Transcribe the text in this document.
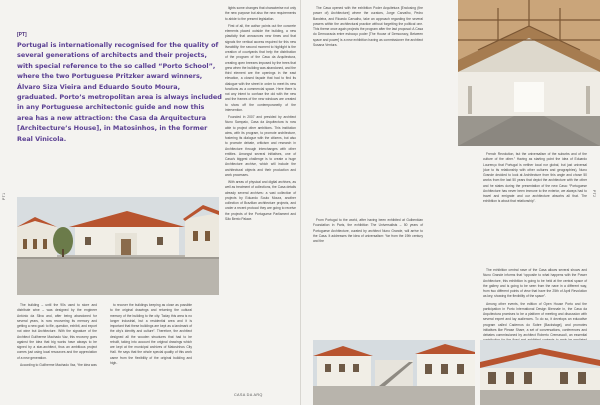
PT1	PT2
[PT]

Portugal is internationally recognised for the quality of several generations of architects and their projects, with special reference to the so called “Porto School”, where the two Portuguese Pritzker award winners, Álvaro Siza Vieira and Eduardo Souto Moura, graduated. Porto’s metropolitan area is always included in any Portuguese architectonic guide and now this area has a new attraction: the Casa da Arquitectura [Architecture’s House], in Matosinhos, in the former Real Vinicola.

The building – until the 90s used to store and distribute wine – was designed by the engineer António da Silva and, after being abandoned for several years, is now recovering its memory and getting a new goal: to file, question, exhibit, and export not wine but Architecture. With the signature of the Architect Guilherme Machado Vaz, this recovery goes against the idea that big works have always to be signed by a star-architect, thus an ambitious project comes just using local resources and the appreciation of a new generation.

According to Guilherme Machado Vaz, “the idea was

to recover the buildings keeping as close as possible to the original drawings and returning the cultural memory of the building to the city. Today this area is no longer industrial, but a residential area and it is important that these buildings are kept as a landmark of the city’s identity and culture”. Therefore, the architect designed all the wooden structures that had to be rebuilt, taking into account the original drawings which are kept at the municipal archives of Matosinhos City Hall. He says that the whole special quality of this work came from the flexibility of the original building and high-

lights some changes that characterise not only the new purpose but also the new requirements to abide to the present legislation.

First of all, the author points out the concrete elements placed outside the building, a new plasticity that announces new times and that signals the vertical access required for this new liveability: the second moment to highlight is the creation of courtyards that help the distribution of the program of the Casa da Arquitectura, creating open breezes imposed by the trees that grew when the building was abandoned, and the third element are the openings in the east elevation, a closed façade that had to find its dialogue with the street in order to meet its new functions as a commercial space. Here there is not any intent to confuse the old with the new and the frames of the new windows are created to show off the contemporaneity of the intervention.

Founded in 2007 and presided by architect Nuno Sampaio, Casa da Arquitectura is now able to project other ambitions. This institution aims, with its program, to promote architecture, fostering its dialogue with the citizens, but also to promote debate, criticism and research in Architecture through interchanges with other entities. Amongst several initiatives, one of Casa’s biggest challenge is to create a huge Architecture archive, which will include the architectural objects and their production and work processes.

With areas of physical and digital archives, as well as treatment of collections, the Casa details already several archives: a vast collection of projects by Eduardo Souto Moura, another collection of Brazilian architecture projects, and under a recent protocol they are going to receive the projects of the Portuguese Parliament and São Bento Palace.

CASA DA ARQ

The Casa opened with the exhibition Poder Arquitetura [Enclosing (the power of) Architecture] where the curators, Jorge Carvalho, Pedro Bandeira, and Ricardo Carvalho, take an approach regarding the several powers within the architectural practice without forgetting the political one. This theme once again projects the program after the last proposal: A Casa do Democracia entre esbooço poder [The House of Democracy, Between space and power] is a new exhibition having as commissioner the architect Susana Ventura.

From Portugal to the world, after having been exhibited at Gulbenkian Foundation in Paris, the exhibition The Universalists – 50 years of Portuguese Architecture, curated by architect Nuno Grande, will arrive to the Casa. It addresses the idea of universalism: “far from the 19th century and the

French Revolution, but the universalism of the suburbs and of the culture of the other.” Having as starting point the idea of Eduardo Lourenço that Portugal is neither local nor global, but just universal (due to its relationship with other cultures and geographies), Nuno Grande decided to look at Architecture from this angle and chose 50 works from the last 50 years that depict the architecture with the other and he states during the presentation of the new Casa: “Portuguese Architecture has never been immune to the exterior, we always had to travel and emigrate and our architecture absorbs all that. The exhibition is about that relationship”.

The exhibition central nave of the Casa allows several shows and Nuno Grande informs that “opposite to what happens with the Power Architecture, this exhibition is going to be held at the central space of the gallery and is going to be seen from the nave in a different way, from two different points of view that have the 25th of April Revolution as key, showing the flexibility of the space”.

Among other events, the edition of Open House Porto and the participation in Porto International Design Biennale in, the Casa da Arquitectura promises to be a platform of meeting and discussion with several expert and lay audiences. To do so, it develops an educative program called Cadernos do Sobre [Backstage], and promotes initiatives like Please Share, a set of conversations, conferences and debates commissioned by architect Roberto Cremascoli, an essential
